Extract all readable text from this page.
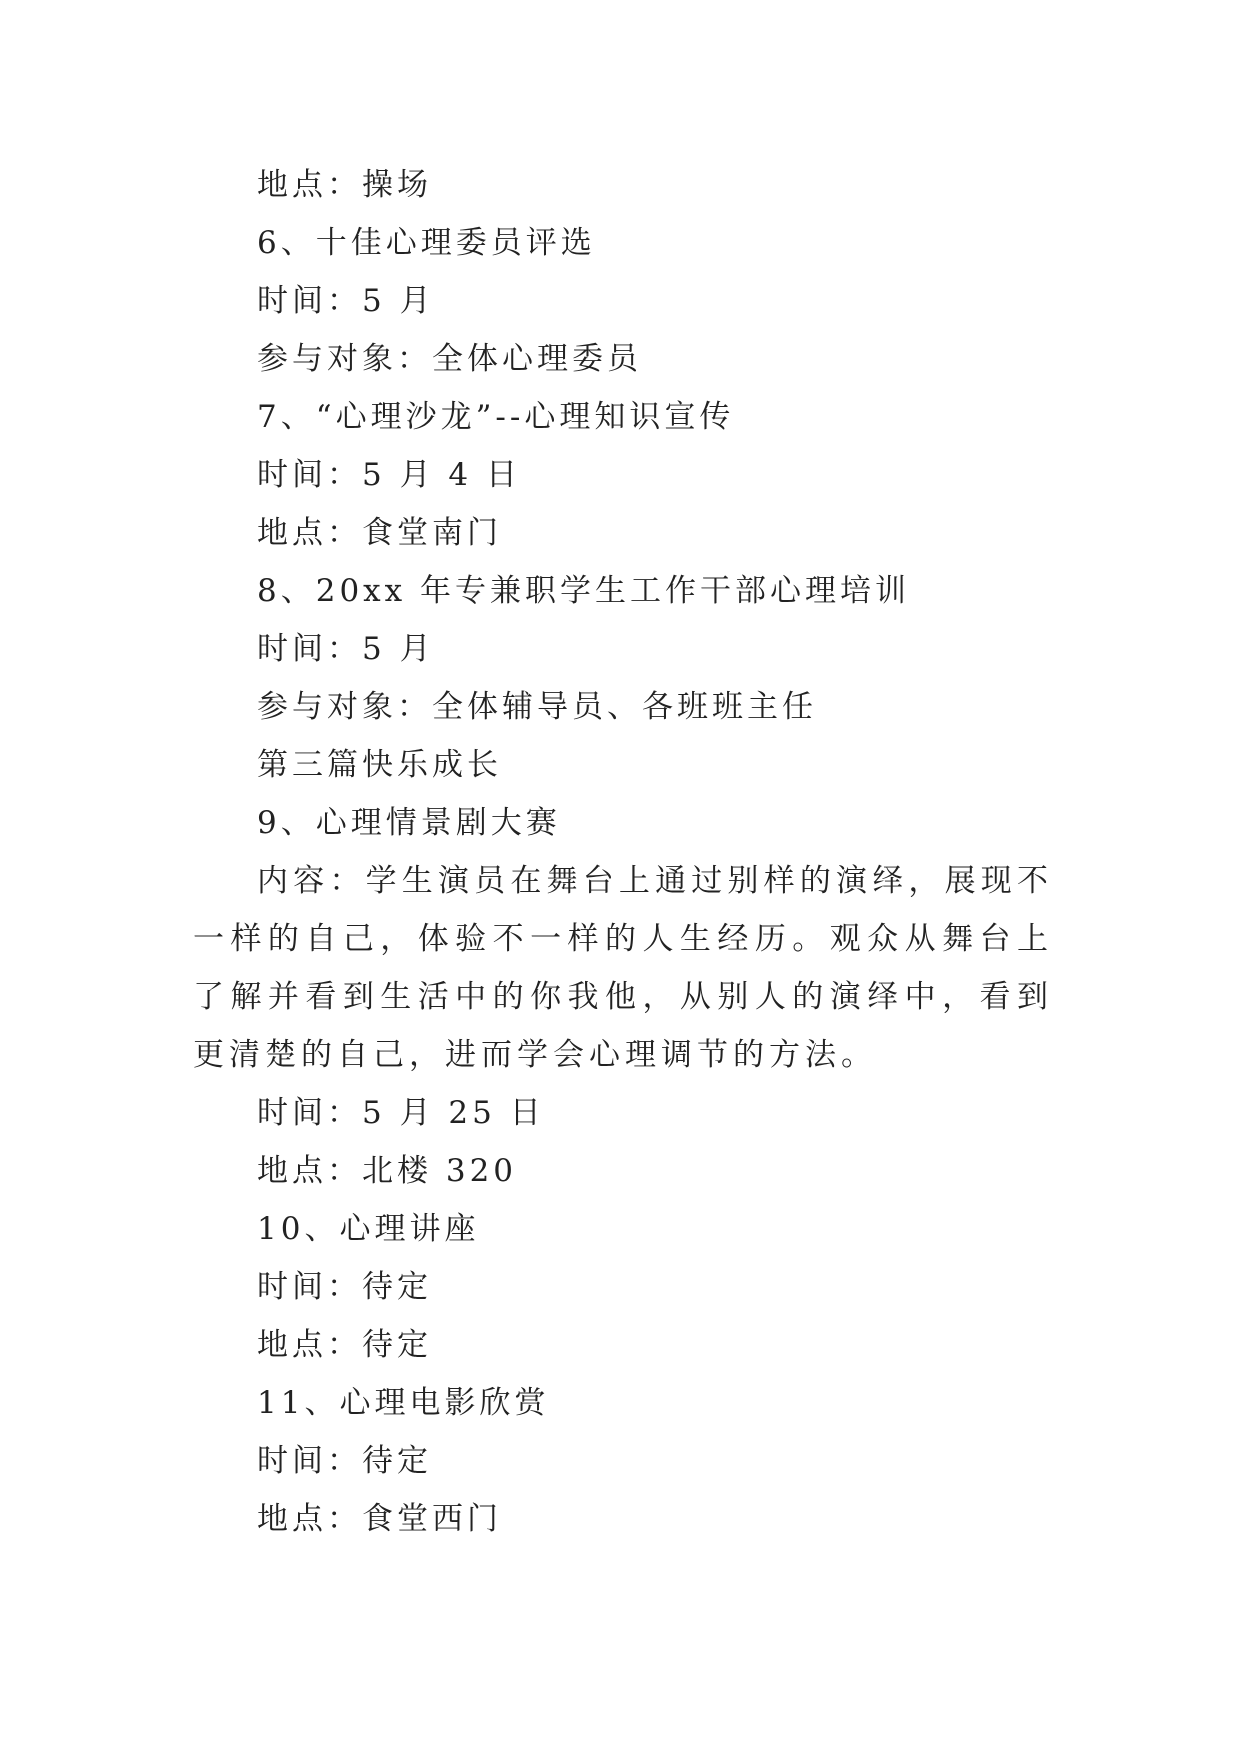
地点：操场

6、十佳心理委员评选

时间：5 月

参与对象：全体心理委员

7、“心理沙龙”--心理知识宣传

时间：5 月 4 日

地点：食堂南门

8、20xx 年专兼职学生工作干部心理培训

时间：5 月

参与对象：全体辅导员、各班班主任

第三篇快乐成长

9、心理情景剧大赛

内容：学生演员在舞台上通过别样的演绎，展现不一样的自己，体验不一样的人生经历。观众从舞台上了解并看到生活中的你我他，从别人的演绎中，看到更清楚的自己，进而学会心理调节的方法。

时间：5 月 25 日

地点：北楼 320

10、心理讲座

时间：待定

地点：待定

11、心理电影欣赏

时间：待定

地点：食堂西门
